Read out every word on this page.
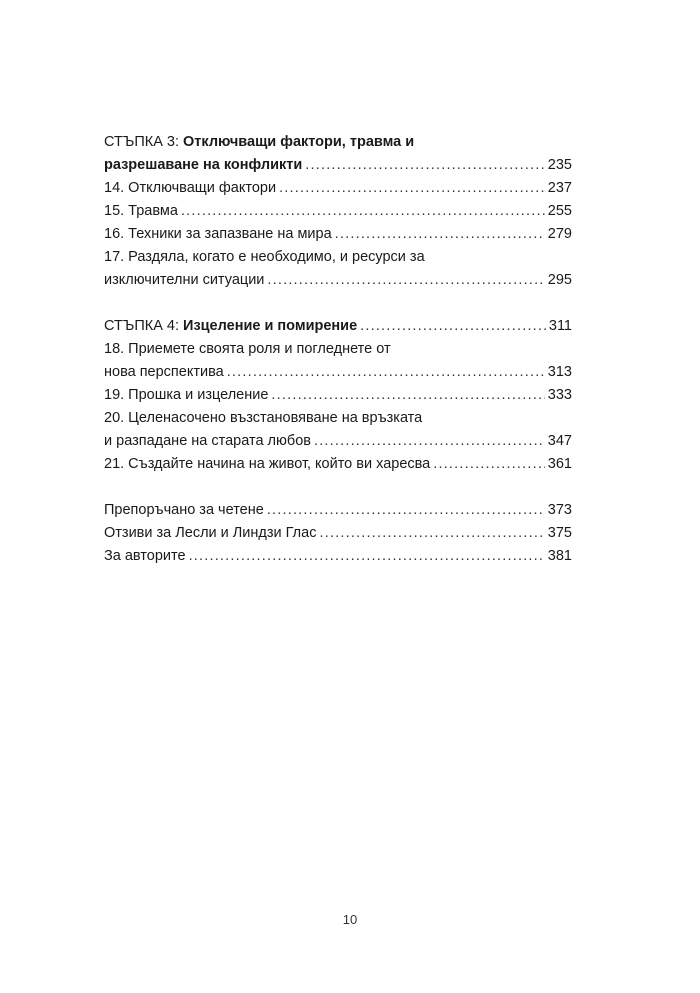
СТЪПКА 3: Отключващи фактори, травма и
разрешаване на конфликти .....	235
14. Отключващи фактори .....	237
15. Травма .....	255
16. Техники за запазване на мира .....	279
17. Раздяла, когато е необходимо, и ресурси за
изключителни ситуации .....	295
СТЪПКА 4: Изцеление и помирение .....	311
18. Приемете своята роля и погледнете от
нова перспектива .....	313
19. Прошка и изцеление .....	333
20. Целенасочено възстановяване на връзката
и разпадане на старата любов .....	347
21. Създайте начина на живот, който ви харесва .....	361
Препоръчано за четене .....	373
Отзиви за Лесли и Линдзи Глас .....	375
За авторите .....	381
10
